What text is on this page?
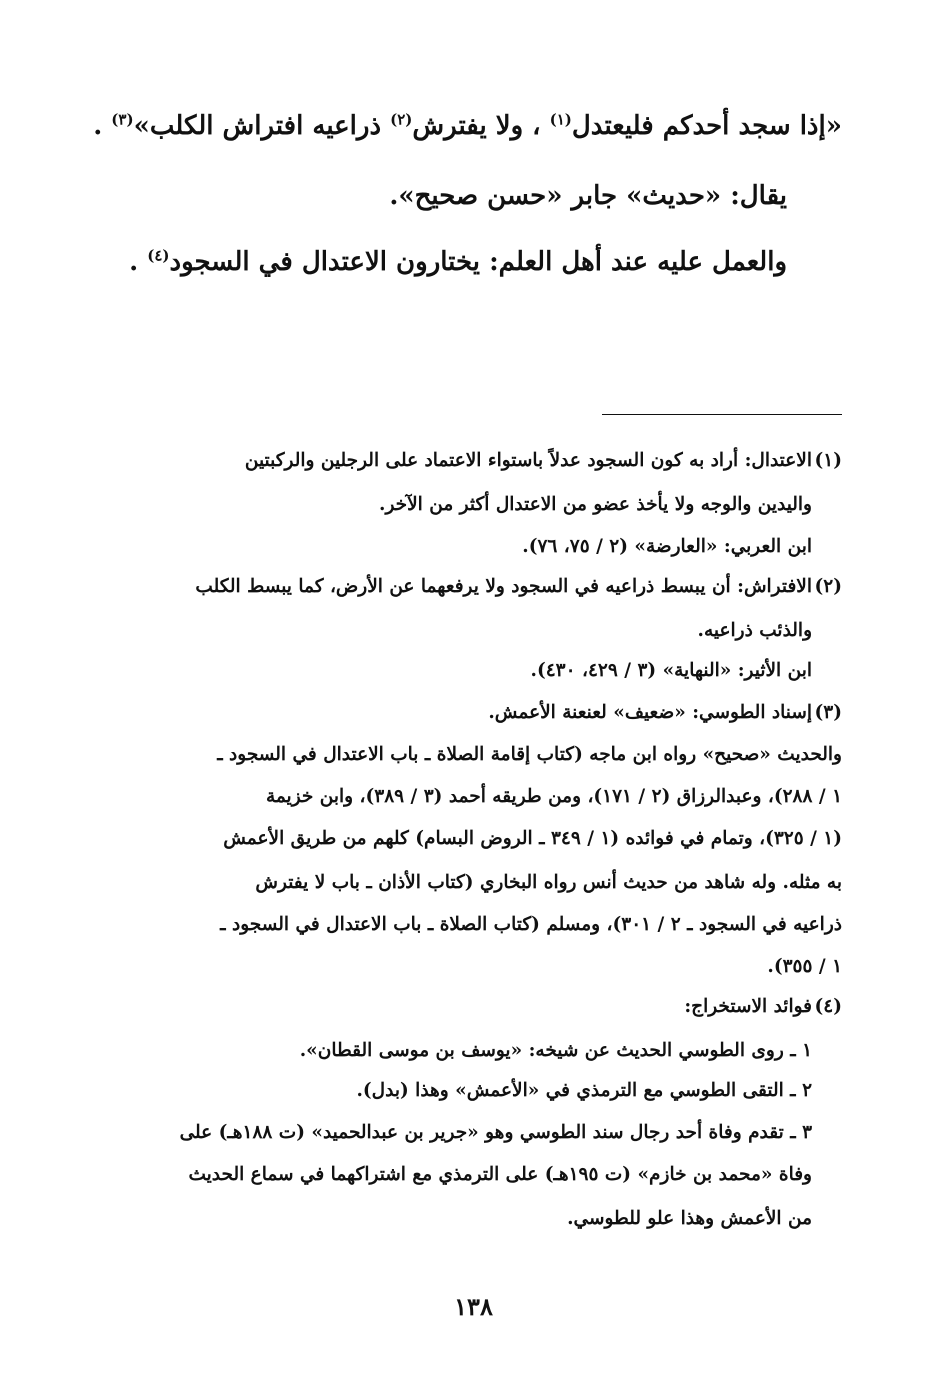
«إذا سجد أحدكم فليعتدل$^{(١)}$ ، ولا يفترش$^{(٢)}$ ذراعيه افتراش الكلب»$^{(٣)}$ .
يقال: «حديث» جابر «حسن صحيح».
والعمل عليه عند أهل العلم: يختارون الاعتدال في السجود$^{(٤)}$ .
(١)الاعتدال: أراد به كون السجود عدلاً باستواء الاعتماد على الرجلين والركبتين
واليدين والوجه ولا يأخذ عضو من الاعتدال أكثر من الآخر.
ابن العربي: «العارضة» (٢ / ٧٥، ٧٦).
(٢)الافتراش: أن يبسط ذراعيه في السجود ولا يرفعهما عن الأرض، كما يبسط الكلب
والذئب ذراعيه.
ابن الأثير: «النهاية» (٣ / ٤٢٩، ٤٣٠).
(٣)إسناد الطوسي: «ضعيف» لعنعنة الأعمش.
والحديث «صحيح» رواه ابن ماجه (كتاب إقامة الصلاة ـ باب الاعتدال في السجود ـ
١ / ٢٨٨)، وعبدالرزاق (٢ / ١٧١)، ومن طريقه أحمد (٣ / ٣٨٩)، وابن خزيمة
(١ / ٣٢٥)، وتمام في فوائده (١ / ٣٤٩ ـ الروض البسام) كلهم من طريق الأعمش
به مثله. وله شاهد من حديث أنس رواه البخاري (كتاب الأذان ـ باب لا يفترش
ذراعيه في السجود ـ ٢ / ٣٠١)، ومسلم (كتاب الصلاة ـ باب الاعتدال في السجود ـ
١ / ٣٥٥).
(٤)فوائد الاستخراج:
١ ـ روى الطوسي الحديث عن شيخه: «يوسف بن موسى القطان».
٢ ـ التقى الطوسي مع الترمذي في «الأعمش» وهذا (بدل).
٣ ـ تقدم وفاة أحد رجال سند الطوسي وهو «جرير بن عبدالحميد» (ت ١٨٨هـ) على
وفاة «محمد بن خازم» (ت ١٩٥هـ) على الترمذي مع اشتراكهما في سماع الحديث
من الأعمش وهذا علو للطوسي.
١٣٨
